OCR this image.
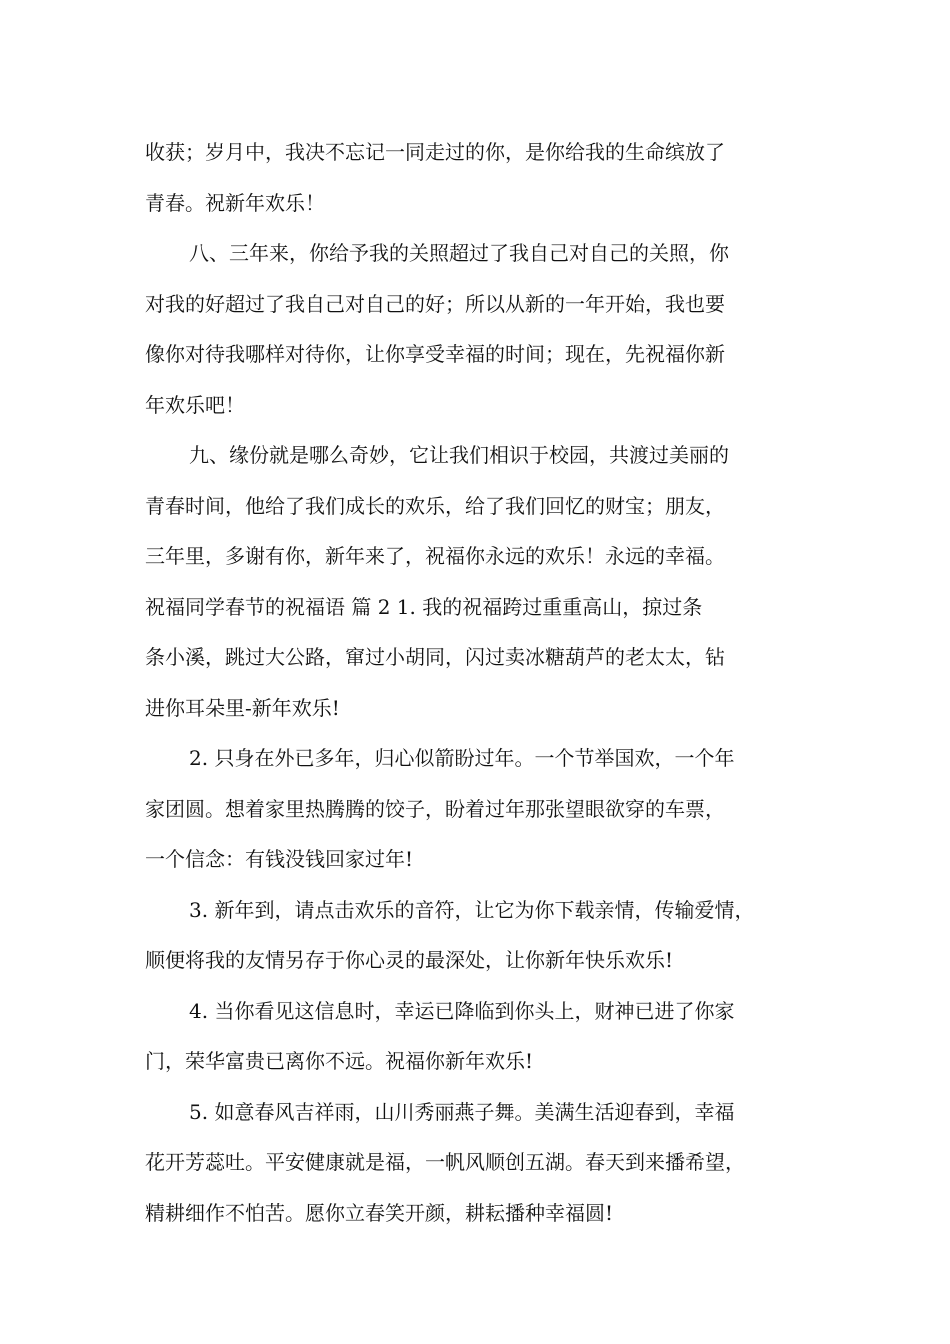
收获；岁月中，我决不忘记一同走过的你，是你给我的生命缤放了
青春。祝新年欢乐！
八、三年来，你给予我的关照超过了我自己对自己的关照，你
对我的好超过了我自己对自己的好；所以从新的一年开始，我也要
像你对待我哪样对待你，让你享受幸福的时间；现在，先祝福你新
年欢乐吧！
九、缘份就是哪么奇妙，它让我们相识于校园，共渡过美丽的
青春时间，他给了我们成长的欢乐，给了我们回忆的财宝；朋友，
三年里，多谢有你，新年来了，祝福你永远的欢乐！永远的幸福。
祝福同学春节的祝福语 篇 2 1. 我的祝福跨过重重高山，掠过条
条小溪，跳过大公路，窜过小胡同，闪过卖冰糖葫芦的老太太，钻
进你耳朵里-新年欢乐!
2. 只身在外已多年，归心似箭盼过年。一个节举国欢，一个年
家团圆。想着家里热腾腾的饺子，盼着过年那张望眼欲穿的车票，
一个信念：有钱没钱回家过年!
3. 新年到，请点击欢乐的音符，让它为你下载亲情，传输爱情，
顺便将我的友情另存于你心灵的最深处，让你新年快乐欢乐!
4. 当你看见这信息时，幸运已降临到你头上，财神已进了你家
门，荣华富贵已离你不远。祝福你新年欢乐!
5. 如意春风吉祥雨，山川秀丽燕子舞。美满生活迎春到，幸福
花开芳蕊吐。平安健康就是福，一帆风顺创五湖。春天到来播希望，
精耕细作不怕苦。愿你立春笑开颜，耕耘播种幸福圆!
